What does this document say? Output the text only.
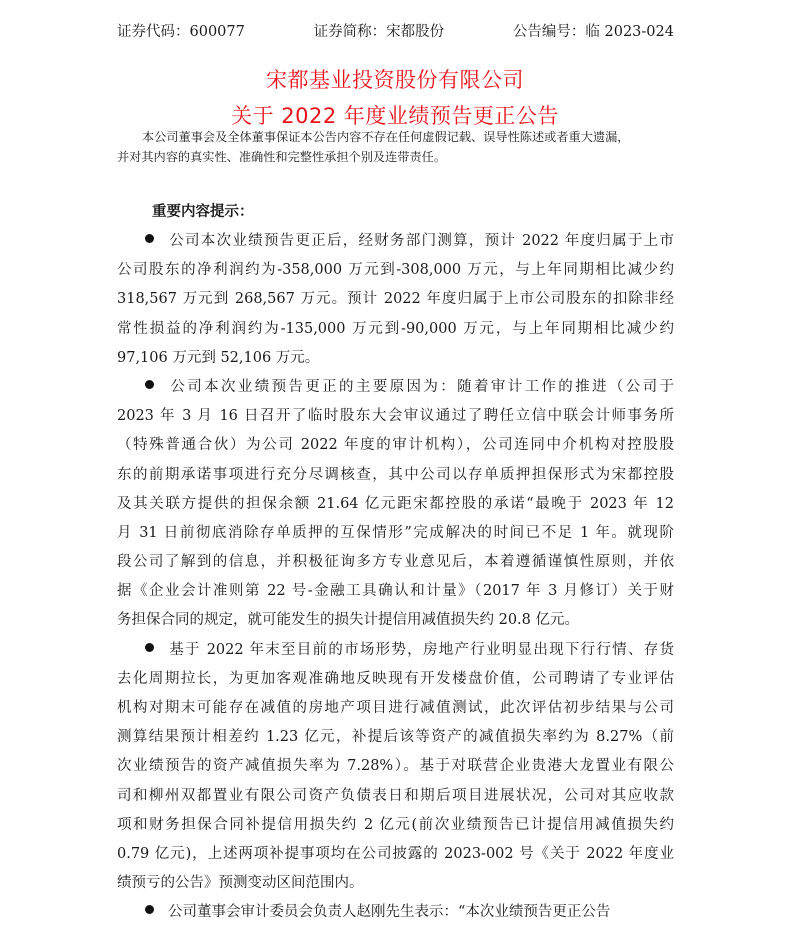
证券代码：600077	证券简称：宋都股份	公告编号：临 2023-024
宋都基业投资股份有限公司
关于 2022 年度业绩预告更正公告

本公司董事会及全体董事保证本公告内容不存在任何虚假记载、误导性陈述或者重大遗漏，

并对其内容的真实性、准确性和完整性承担个别及连带责任。

重要内容提示：
公司本次业绩预告更正后，经财务部门测算，预计 2022 年度归属于上市
公司股东的净利润约为-358,000 万元到-308,000 万元，与上年同期相比减少约
318,567 万元到 268,567 万元。预计 2022 年度归属于上市公司股东的扣除非经
常性损益的净利润约为-135,000 万元到-90,000 万元，与上年同期相比减少约
97,106 万元到 52,106 万元。
公司本次业绩预告更正的主要原因为：随着审计工作的推进（公司于
2023 年 3 月 16 日召开了临时股东大会审议通过了聘任立信中联会计师事务所
（特殊普通合伙）为公司 2022 年度的审计机构），公司连同中介机构对控股股
东的前期承诺事项进行充分尽调核查，其中公司以存单质押担保形式为宋都控股
及其关联方提供的担保余额 21.64 亿元距宋都控股的承诺“最晚于 2023 年 12
月 31 日前彻底消除存单质押的互保情形”完成解决的时间已不足 1 年。就现阶
段公司了解到的信息，并积极征询多方专业意见后，本着遵循谨慎性原则，并依
据《企业会计准则第 22 号-金融工具确认和计量》（2017 年 3 月修订）关于财
务担保合同的规定，就可能发生的损失计提信用减值损失约 20.8 亿元。
基于 2022 年末至目前的市场形势，房地产行业明显出现下行行情、存货
去化周期拉长，为更加客观准确地反映现有开发楼盘价值，公司聘请了专业评估
机构对期末可能存在减值的房地产项目进行减值测试，此次评估初步结果与公司
测算结果预计相差约 1.23 亿元，补提后该等资产的减值损失率约为 8.27%（前
次业绩预告的资产减值损失率为 7.28%）。基于对联营企业贵港大龙置业有限公
司和柳州双都置业有限公司资产负债表日和期后项目进展状况，公司对其应收款
项和财务担保合同补提信用损失约 2 亿元(前次业绩预告已计提信用减值损失约
0.79 亿元)，上述两项补提事项均在公司披露的 2023-002 号《关于 2022 年度业
绩预亏的公告》预测变动区间范围内。
公司董事会审计委员会负责人赵刚先生表示：“本次业绩预告更正公告
